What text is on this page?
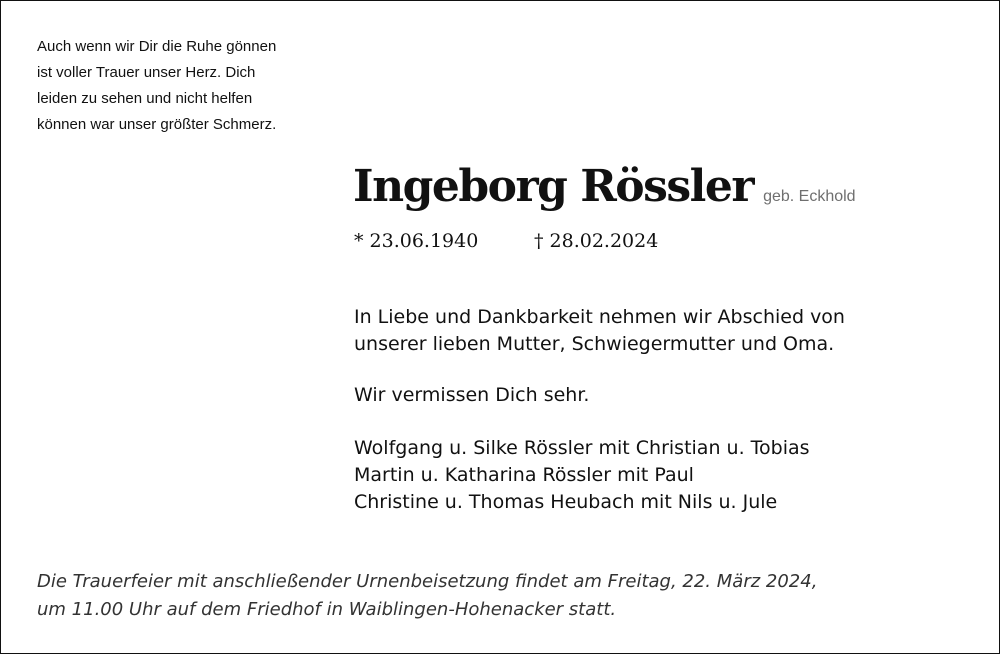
Auch wenn wir Dir die Ruhe gönnen
ist voller Trauer unser Herz. Dich
leiden zu sehen und nicht helfen
können war unser größter Schmerz.
Ingeborg Rössler geb. Eckhold
* 23.06.1940	† 28.02.2024
In Liebe und Dankbarkeit nehmen wir Abschied von
unserer lieben Mutter, Schwiegermutter und Oma.
Wir vermissen Dich sehr.
Wolfgang u. Silke Rössler mit Christian u. Tobias
Martin u. Katharina Rössler mit Paul
Christine u. Thomas Heubach mit Nils u. Jule
Die Trauerfeier mit anschließender Urnenbeisetzung findet am Freitag, 22. März 2024,
um 11.00 Uhr auf dem Friedhof in Waiblingen-Hohenacker statt.
